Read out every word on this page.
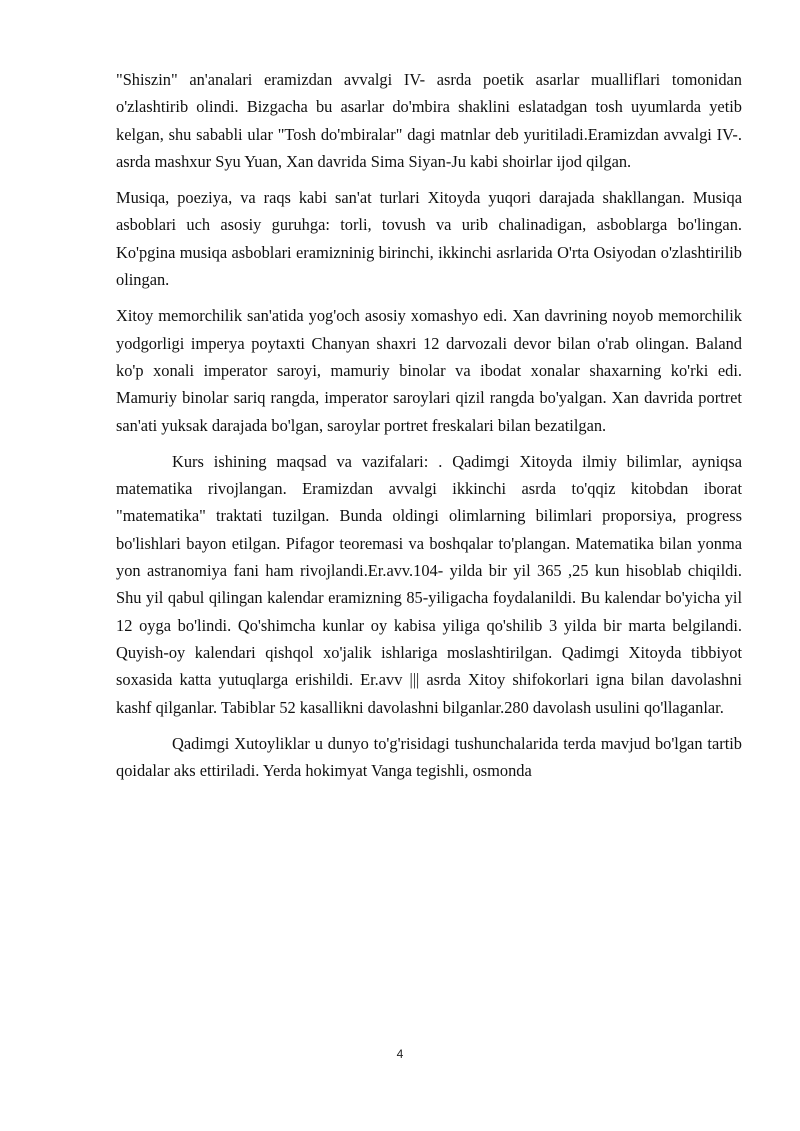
"Shiszin" an'analari eramizdan avvalgi IV- asrda poetik asarlar mualliflari tomonidan o'zlashtirib olindi. Bizgacha bu asarlar do'mbira shaklini eslatadgan tosh uyumlarda yetib kelgan, shu sababli ular "Tosh do'mbiralar" dagi matnlar deb yuritiladi.Eramizdan avvalgi IV-. asrda mashxur Syu Yuan, Xan davrida Sima Siyan-Ju kabi shoirlar ijod qilgan.

Musiqa, poeziya, va raqs kabi san'at turlari Xitoyda yuqori darajada shakllangan. Musiqa asboblari uch asosiy guruhga: torli, tovush va urib chalinadigan, asboblarga bo'lingan. Ko'pgina musiqa asboblari eramizninig birinchi, ikkinchi asrlarida O'rta Osiyodan o'zlashtirilib olingan.

Xitoy memorchilik san'atida yog'och asosiy xomashyo edi. Xan davrining noyob memorchilik yodgorligi imperya poytaxti Chanyan shaxri 12 darvozali devor bilan o'rab olingan. Baland ko'p xonali imperator saroyi, mamuriy binolar va ibodat xonalar shaxarning ko'rki edi. Mamuriy binolar sariq rangda, imperator saroylari qizil rangda bo'yalgan. Xan davrida portret san'ati yuksak darajada bo'lgan, saroylar portret freskalari bilan bezatilgan.

Kurs ishining maqsad va vazifalari: . Qadimgi Xitoyda ilmiy bilimlar, ayniqsa matematika rivojlangan. Eramizdan avvalgi ikkinchi asrda to'qqiz kitobdan iborat "matematika" traktati tuzilgan. Bunda oldingi olimlarning bilimlari proporsiya, progress bo'lishlari bayon etilgan. Pifagor teoremasi va boshqalar to'plangan. Matematika bilan yonma yon astranomiya fani ham rivojlandi.Er.avv.104- yilda bir yil 365 ,25 kun hisoblab chiqildi. Shu yil qabul qilingan kalendar eramizning 85-yiligacha foydalanildi. Bu kalendar bo'yicha yil 12 oyga bo'lindi. Qo'shimcha kunlar oy kabisa yiliga qo'shilib 3 yilda bir marta belgilandi. Quyish-oy kalendari qishqol xo'jalik ishlariga moslashtirilgan. Qadimgi Xitoyda tibbiyot soxasida katta yutuqlarga erishildi. Er.avv ||| asrda Xitoy shifokorlari igna bilan davolashni kashf qilganlar. Tabiblar 52 kasallikni davolashni bilganlar.280 davolash usulini qo'llaganlar.

Qadimgi Xutoyliklar u dunyo to'g'risidagi tushunchalarida terda mavjud bo'lgan tartib qoidalar aks ettiriladi. Yerda hokimyat Vanga tegishli, osmonda

4
